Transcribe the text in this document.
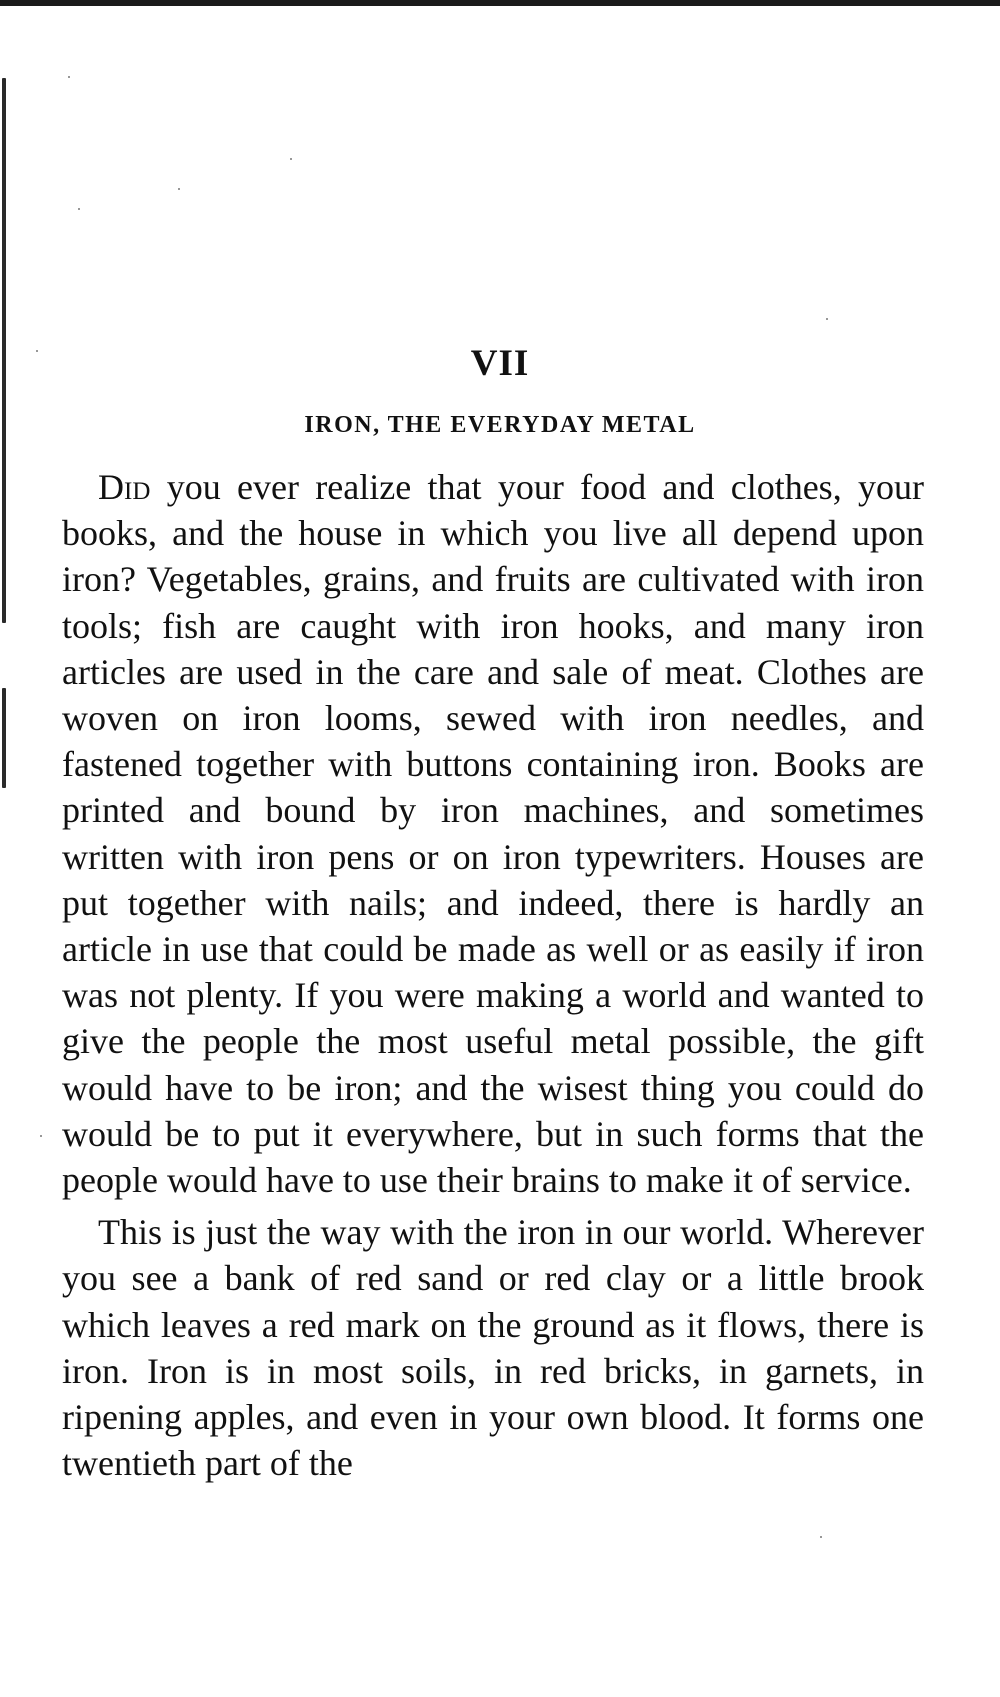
VII
IRON, THE EVERYDAY METAL

Did you ever realize that your food and clothes, your books, and the house in which you live all depend upon iron? Vegetables, grains, and fruits are cultivated with iron tools; fish are caught with iron hooks, and many iron articles are used in the care and sale of meat. Clothes are woven on iron looms, sewed with iron needles, and fastened together with buttons containing iron. Books are printed and bound by iron machines, and sometimes written with iron pens or on iron typewriters. Houses are put together with nails; and indeed, there is hardly an article in use that could be made as well or as easily if iron was not plenty. If you were making a world and wanted to give the people the most useful metal possible, the gift would have to be iron; and the wisest thing you could do would be to put it everywhere, but in such forms that the people would have to use their brains to make it of service.

This is just the way with the iron in our world. Wherever you see a bank of red sand or red clay or a little brook which leaves a red mark on the ground as it flows, there is iron. Iron is in most soils, in red bricks, in garnets, in ripening apples, and even in your own blood. It forms one twentieth part of the
